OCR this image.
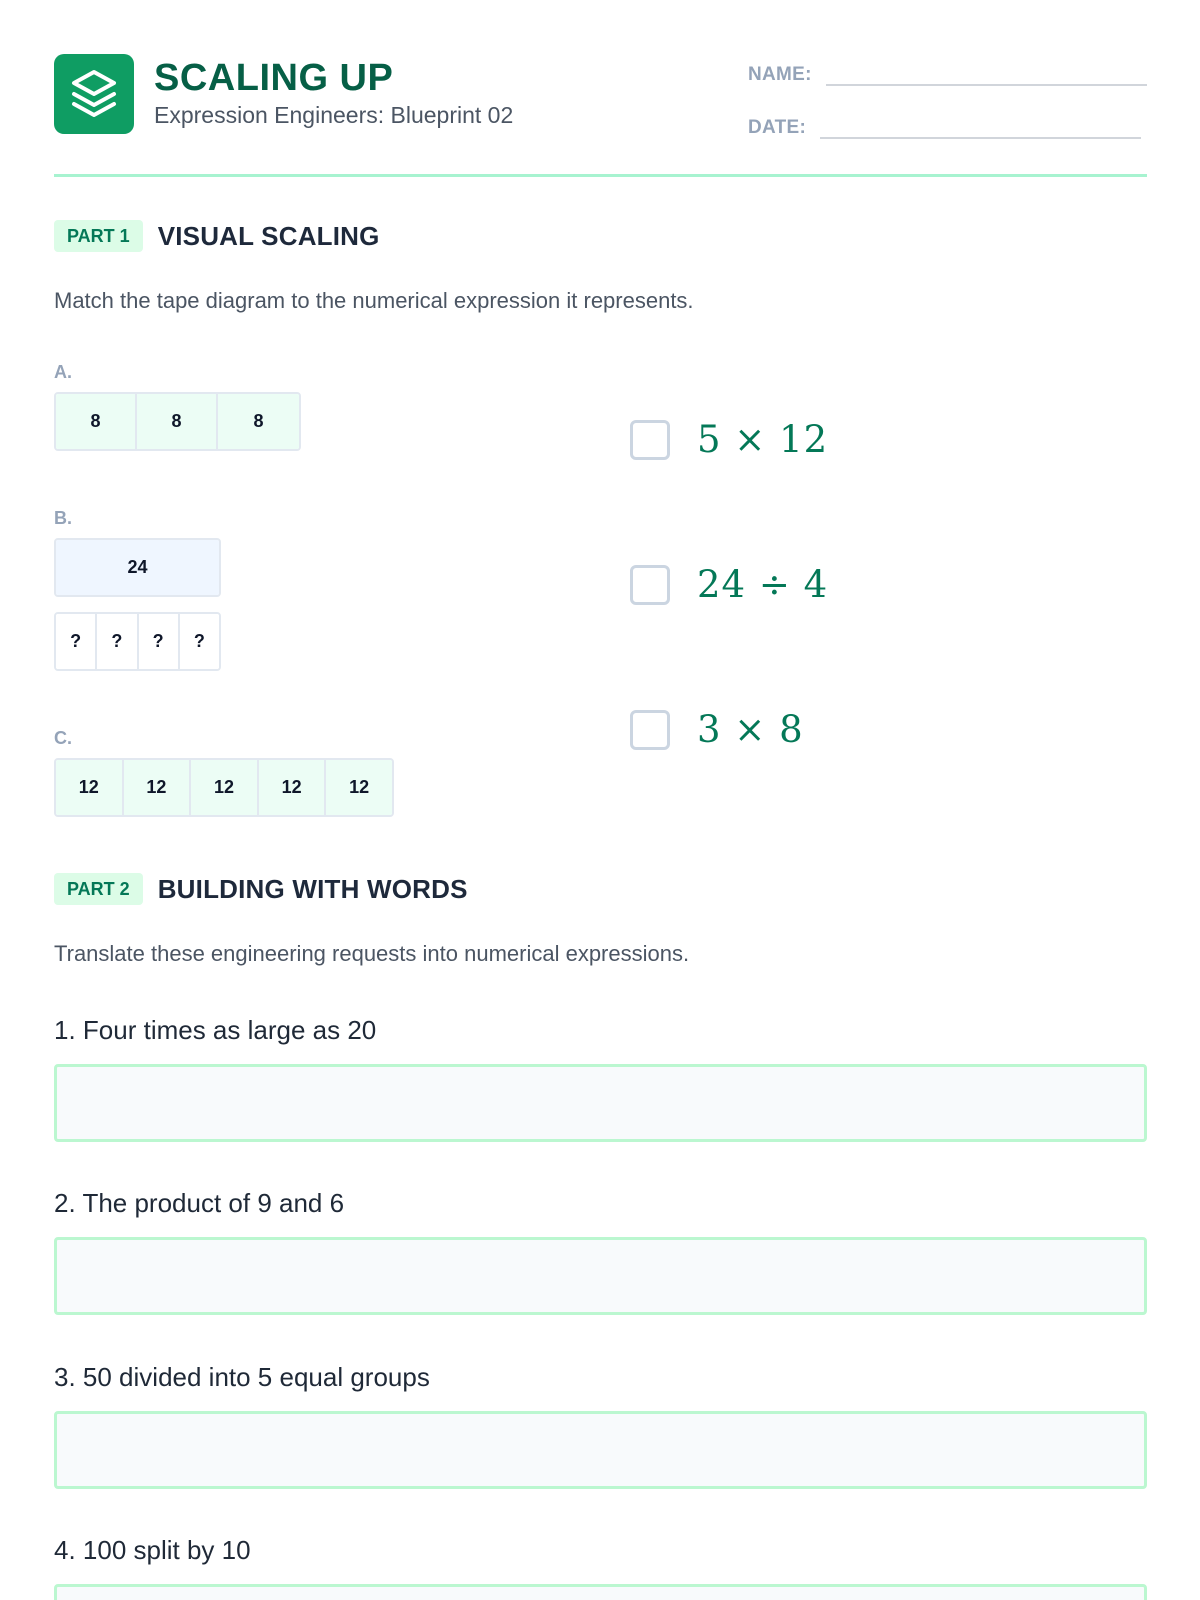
SCALING UP
Expression Engineers: Blueprint 02
NAME:
DATE:
PART 1	VISUAL SCALING
Match the tape diagram to the numerical expression it represents.
A.
8	8	8
B.
24
?	?	?	?
C.
12	12	12	12	12
5 × 12
24 ÷ 4
3 × 8
PART 2	BUILDING WITH WORDS
Translate these engineering requests into numerical expressions.
1. Four times as large as 20
2. The product of 9 and 6
3. 50 divided into 5 equal groups
4. 100 split by 10
